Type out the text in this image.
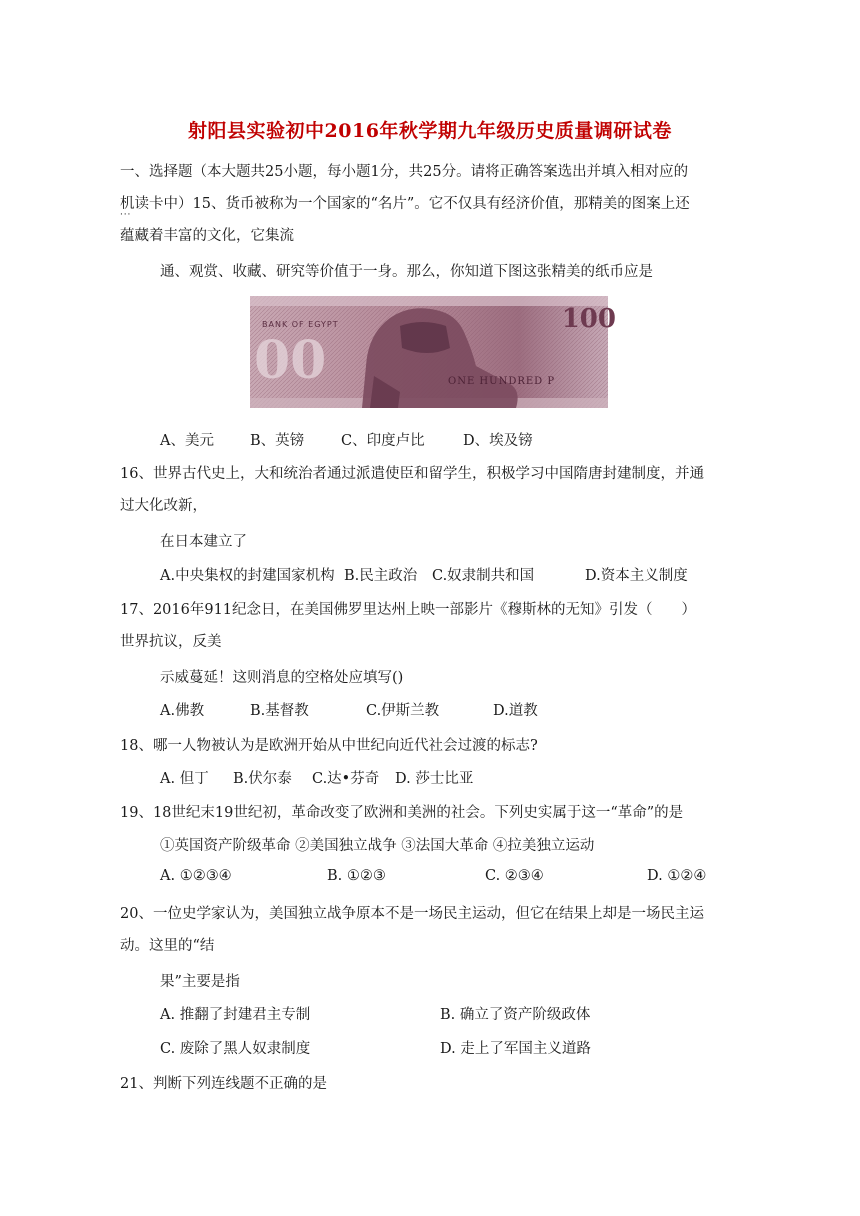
射阳县实验初中2016年秋学期九年级历史质量调研试卷
一、选择题（本大题共25小题，每小题1分，共25分。请将正确答案选出并填入相对应的
机读卡中 · · ·）15、货币被称为一个国家的“名片”。它不仅具有经济价值，那精美的图案上还
蕴藏着丰富的文化，它集流
通、观赏、收藏、研究等价值于一身。那么，你知道下图这张精美的纸币应是
00
BANK OF EGYPT	100
ONE HUNDRED P
A、美元 B、英镑	C、印度卢比	D、埃及镑
16、世界古代史上，大和统治者通过派遣使臣和留学生，积极学习中国隋唐封建制度，并通
过大化改新，
在日本建立了
A.中央集权的封建国家机构 B.民主政治 C.奴隶制共和国	D.资本主义制度
17、2016年911纪念日，在美国佛罗里达州上映一部影片《穆斯林的无知》引发（　　）
世界抗议，反美
示威蔓延！这则消息的空格处应填写()
A.佛教	B.基督教	C.伊斯兰教	D.道教
18、哪一人物被认为是欧洲开始从中世纪向近代社会过渡的标志?
A. 但丁 B.伏尔泰 C.达•芬奇 D. 莎士比亚
19、18世纪末19世纪初，革命改变了欧洲和美洲的社会。下列史实属于这一“革命”的是
①英国资产阶级革命 ②美国独立战争 ③法国大革命 ④拉美独立运动
A. ①②③④	B. ①②③	C. ②③④	D. ①②④
20、一位史学家认为，美国独立战争原本不是一场民主运动，但它在结果上却是一场民主运
动。这里的“结
果”主要是指
A. 推翻了封建君主专制	B. 确立了资产阶级政体
C. 废除了黑人奴隶制度	D. 走上了军国主义道路
21、判断下列连线题不正确的是
